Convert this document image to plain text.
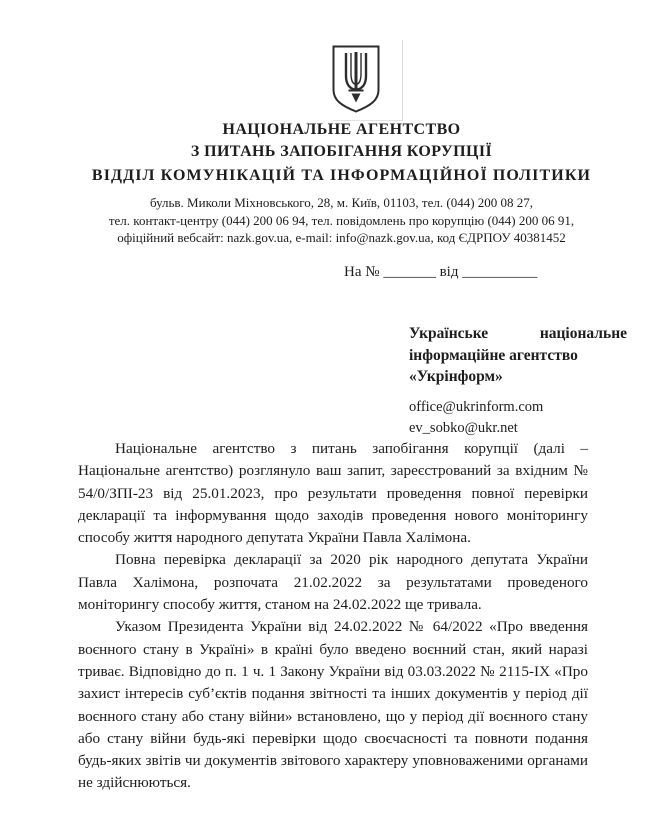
НАЦІОНАЛЬНЕ АГЕНТСТВО
З ПИТАНЬ ЗАПОБІГАННЯ КОРУПЦІЇ
ВІДДІЛ КОМУНІКАЦІЙ ТА ІНФОРМАЦІЙНОЇ ПОЛІТИКИ
бульв. Миколи Міхновського, 28, м. Київ, 01103, тел. (044) 200 08 27,
тел. контакт-центру (044) 200 06 94, тел. повідомлень про корупцію (044) 200 06 91,
офіційний вебсайт: nazk.gov.ua, e-mail: info@nazk.gov.ua, код ЄДРПОУ 40381452
На № _______ від __________
Українське	національне
інформаційне агентство
«Укрінформ»
office@ukrinform.com
ev_sobko@ukr.net

Національне агентство з питань запобігання корупції (далі – Національне агентство) розглянуло ваш запит, зареєстрований за вхідним № 54/0/ЗПІ-23 від 25.01.2023, про результати проведення повної перевірки декларації та інформування щодо заходів проведення нового моніторингу способу життя народного депутата України Павла Халімона.

Повна перевірка декларації за 2020 рік народного депутата України Павла Халімона, розпочата 21.02.2022 за результатами проведеного моніторингу способу життя, станом на 24.02.2022 ще тривала.

Указом Президента України від 24.02.2022 № 64/2022 «Про введення воєнного стану в Україні» в країні було введено воєнний стан, який наразі триває. Відповідно до п. 1 ч. 1 Закону України від 03.03.2022 № 2115-IX «Про захист інтересів суб’єктів подання звітності та інших документів у період дії воєнного стану або стану війни» встановлено, що у період дії воєнного стану або стану війни будь-які перевірки щодо своєчасності та повноти подання будь-яких звітів чи документів звітового характеру уповноваженими органами не здійснюються.
